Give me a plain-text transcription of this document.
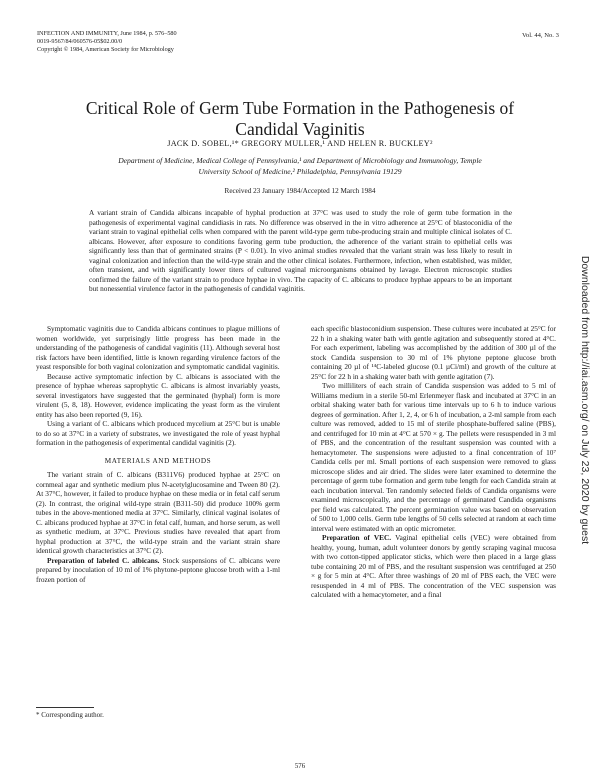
INFECTION AND IMMUNITY, June 1984, p. 576–580
0019-9567/84/060576-05$02.00/0
Copyright © 1984, American Society for Microbiology
Vol. 44, No. 3
Critical Role of Germ Tube Formation in the Pathogenesis of
Candidal Vaginitis
JACK D. SOBEL,¹* GREGORY MULLER,¹ AND HELEN R. BUCKLEY²
Department of Medicine, Medical College of Pennsylvania,¹ and Department of Microbiology and Immunology, Temple
University School of Medicine,² Philadelphia, Pennsylvania 19129
Received 23 January 1984/Accepted 12 March 1984

A variant strain of Candida albicans incapable of hyphal production at 37°C was used to study the role of germ tube formation in the pathogenesis of experimental vaginal candidiasis in rats. No difference was observed in the in vitro adherence at 25°C of blastoconidia of the variant strain to vaginal epithelial cells when compared with the parent wild-type germ tube-producing strain and multiple clinical isolates of C. albicans. However, after exposure to conditions favoring germ tube production, the adherence of the variant strain to epithelial cells was significantly less than that of germinated strains (P < 0.01). In vivo animal studies revealed that the variant strain was less likely to result in vaginal colonization and infection than the wild-type strain and the other clinical isolates. Furthermore, infection, when established, was milder, often transient, and with significantly lower titers of cultured vaginal microorganisms obtained by lavage. Electron microscopic studies confirmed the failure of the variant strain to produce hyphae in vivo. The capacity of C. albicans to produce hyphae appears to be an important but nonessential virulence factor in the pathogenesis of candidal vaginitis.

Symptomatic vaginitis due to Candida albicans continues to plague millions of women worldwide, yet surprisingly little progress has been made in the understanding of the pathogenesis of candidal vaginitis (11). Although several host risk factors have been identified, little is known regarding virulence factors of the yeast responsible for both vaginal colonization and symptomatic candidal vaginitis.

Because active symptomatic infection by C. albicans is associated with the presence of hyphae whereas saprophytic C. albicans is almost invariably yeasts, several investigators have suggested that the germinated (hyphal) form is more virulent (5, 8, 18). However, evidence implicating the yeast form as the virulent entity has also been reported (9, 16).

Using a variant of C. albicans which produced mycelium at 25°C but is unable to do so at 37°C in a variety of substrates, we investigated the role of yeast hyphal formation in the pathogenesis of experimental candidal vaginitis (2).

MATERIALS AND METHODS

The variant strain of C. albicans (B311V6) produced hyphae at 25°C on cornmeal agar and synthetic medium plus N-acetylglucosamine and Tween 80 (2). At 37°C, however, it failed to produce hyphae on these media or in fetal calf serum (2). In contrast, the original wild-type strain (B311-50) did produce 100% germ tubes in the above-mentioned media at 37°C. Similarly, clinical vaginal isolates of C. albicans produced hyphae at 37°C in fetal calf, human, and horse serum, as well as synthetic medium, at 37°C. Previous studies have revealed that apart from hyphal production at 37°C, the wild-type strain and the variant strain share identical growth characteristics at 37°C (2).

Preparation of labeled C. albicans. Stock suspensions of C. albicans were prepared by inoculation of 10 ml of 1% phytone-peptone glucose broth with a 1-ml frozen portion of

each specific blastoconidium suspension. These cultures were incubated at 25°C for 22 h in a shaking water bath with gentle agitation and subsequently stored at 4°C. For each experiment, labeling was accomplished by the addition of 300 µl of the stock Candida suspension to 30 ml of 1% phytone peptone glucose broth containing 20 µl of ¹⁴C-labeled glucose (0.1 µCi/ml) and growth of the culture at 25°C for 22 h in a shaking water bath with gentle agitation (7).

Two milliliters of each strain of Candida suspension was added to 5 ml of Williams medium in a sterile 50-ml Erlenmeyer flask and incubated at 37°C in an orbital shaking water bath for various time intervals up to 6 h to induce various degrees of germination. After 1, 2, 4, or 6 h of incubation, a 2-ml sample from each culture was removed, added to 15 ml of sterile phosphate-buffered saline (PBS), and centrifuged for 10 min at 4°C at 570 × g. The pellets were resuspended in 3 ml of PBS, and the concentration of the resultant suspension was counted with a hemacytometer. The suspensions were adjusted to a final concentration of 10⁷ Candida cells per ml. Small portions of each suspension were removed to glass microscope slides and air dried. The slides were later examined to determine the percentage of germ tube formation and germ tube length for each Candida strain at each incubation interval. Ten randomly selected fields of Candida organisms were examined microscopically, and the percentage of germinated Candida organisms per field was calculated. The percent germination value was based on observation of 500 to 1,000 cells. Germ tube lengths of 50 cells selected at random at each time interval were estimated with an optic micrometer.

Preparation of VEC. Vaginal epithelial cells (VEC) were obtained from healthy, young, human, adult volunteer donors by gently scraping vaginal mucosa with two cotton-tipped applicator sticks, which were then placed in a large glass tube containing 20 ml of PBS, and the resultant suspension was centrifuged at 250 × g for 5 min at 4°C. After three washings of 20 ml of PBS each, the VEC were resuspended in 4 ml of PBS. The concentration of the VEC suspension was calculated with a hemacytometer, and a final

* Corresponding author.
576
Downloaded from http://iai.asm.org/ on July 23, 2020 by guest
